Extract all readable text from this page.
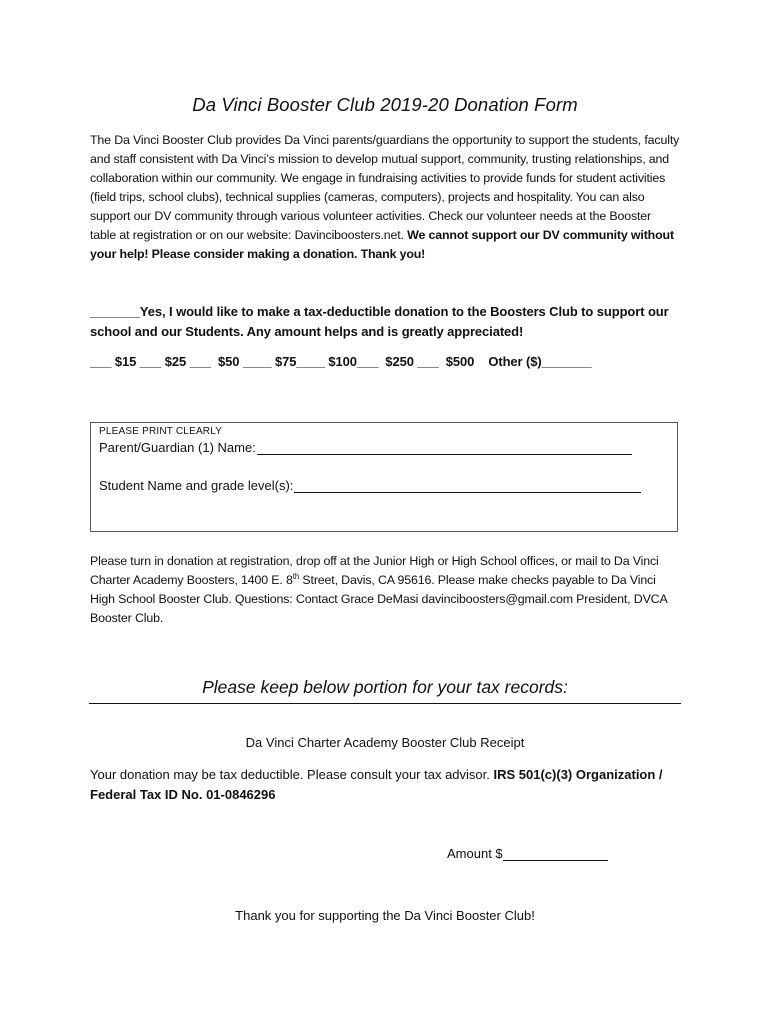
Da Vinci Booster Club 2019-20 Donation Form
The Da Vinci Booster Club provides Da Vinci parents/guardians the opportunity to support the students, faculty and staff consistent with Da Vinci’s mission to develop mutual support, community, trusting relationships, and collaboration within our community. We engage in fundraising activities to provide funds for student activities (field trips, school clubs), technical supplies (cameras, computers), projects and hospitality. You can also support our DV community through various volunteer activities. Check our volunteer needs at the Booster table at registration or on our website: Davinciboosters.net. We cannot support our DV community without your help! Please consider making a donation. Thank you!
_______Yes, I would like to make a tax-deductible donation to the Boosters Club to support our school and our Students. Any amount helps and is greatly appreciated!
___ $15 ___ $25 ___  $50 ____ $75____ $100___  $250 ___  $500    Other ($)_______
PLEASE PRINT CLEARLY
Parent/Guardian (1) Name:
Student Name and grade level(s):
Please turn in donation at registration, drop off at the Junior High or High School offices, or mail to Da Vinci Charter Academy Boosters, 1400 E. 8th Street, Davis, CA 95616. Please make checks payable to Da Vinci High School Booster Club. Questions: Contact Grace DeMasi davinciboosters@gmail.com President, DVCA Booster Club.
Please keep below portion for your tax records:
Da Vinci Charter Academy Booster Club Receipt
Your donation may be tax deductible. Please consult your tax advisor. IRS 501(c)(3) Organization / Federal Tax ID No. 01-0846296
Amount $
Thank you for supporting the Da Vinci Booster Club!
